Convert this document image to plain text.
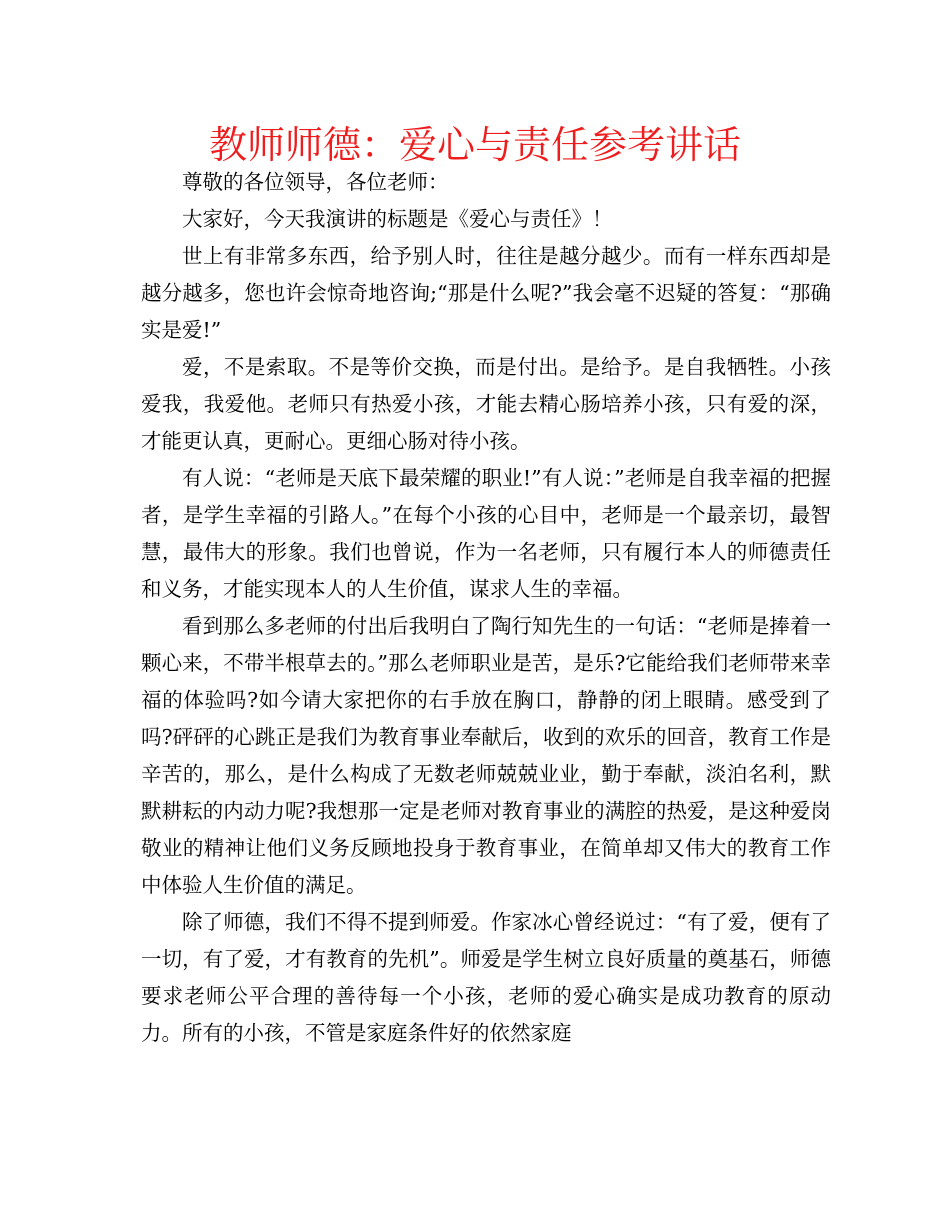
教师师德：爱心与责任参考讲话

尊敬的各位领导，各位老师：

大家好，今天我演讲的标题是《爱心与责任》！

世上有非常多东西，给予别人时，往往是越分越少。而有一样东西却是越分越多，您也许会惊奇地咨询;“那是什么呢?”我会毫不迟疑的答复：“那确实是爱!”

爱，不是索取。不是等价交换，而是付出。是给予。是自我牺牲。小孩爱我，我爱他。老师只有热爱小孩，才能去精心肠培养小孩，只有爱的深，才能更认真，更耐心。更细心肠对待小孩。

有人说：“老师是天底下最荣耀的职业!”有人说：”老师是自我幸福的把握者，是学生幸福的引路人。”在每个小孩的心目中，老师是一个最亲切，最智慧，最伟大的形象。我们也曾说，作为一名老师，只有履行本人的师德责任和义务，才能实现本人的人生价值，谋求人生的幸福。

看到那么多老师的付出后我明白了陶行知先生的一句话：“老师是捧着一颗心来，不带半根草去的。”那么老师职业是苦，是乐?它能给我们老师带来幸福的体验吗?如今请大家把你的右手放在胸口，静静的闭上眼睛。感受到了吗?砰砰的心跳正是我们为教育事业奉献后，收到的欢乐的回音，教育工作是辛苦的，那么，是什么构成了无数老师兢兢业业，勤于奉献，淡泊名利，默默耕耘的内动力呢?我想那一定是老师对教育事业的满腔的热爱，是这种爱岗敬业的精神让他们义务反顾地投身于教育事业，在简单却又伟大的教育工作中体验人生价值的满足。

除了师德，我们不得不提到师爱。作家冰心曾经说过：“有了爱，便有了一切，有了爱，才有教育的先机”。师爱是学生树立良好质量的奠基石，师德要求老师公平合理的善待每一个小孩，老师的爱心确实是成功教育的原动力。所有的小孩，不管是家庭条件好的依然家庭
